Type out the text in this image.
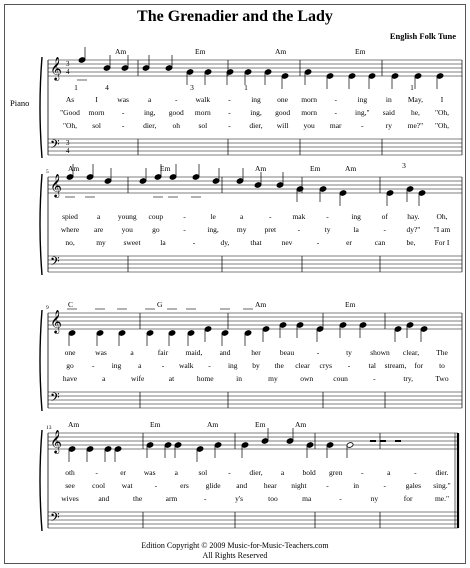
The Grenadier and the Lady
English Folk Tune
Piano
𝄞
𝄢
3
4
3
4
Am	Em	Am	Em
1	4	3	1	1
As	I	was	a	- walk -	ing one morn -	ing	in May, I
"Good morn -	ing, good morn -	ing, good morn - ing," said he, "Oh,
"Oh, sol	- dier, oh sol	- dier, will you mar	-	ry me?" "Oh,
𝄞
𝄢
5	Am	Em	Am	Em	Am	3
spied	a young coup	-	le	a	-	mak	-	ing	of	hay. Oh,
where are you	go	-	ing, my pret	-	ty	la	-	dy?" "I am
no,	my sweet	la	-	dy,	that	nev	-	er	can	be,	For I
𝄞
𝄢
9	C	G	Am	Em
one	was	a	fair maid, and	her	beau	-	ty shown clear, The
go - ing a	- walk - ing by the clear crys - tal stream, for to
have	a	wife	at	home	in	my	own	coun	-	try,	Two
𝄞
𝄢
13 Am	Em	Am	Em	Am
oth	-	er was	a	sol	- dier, a bold gren -	a	-	dier.
see cool wat	-	ers glide and hear night	-	in	-	gales sing."
wives	and	the	arm	-	y's	too	ma	-	ny	for	me."
Edition Copyright © 2009 Music-for-Music-Teachers.com
All Rights Reserved
